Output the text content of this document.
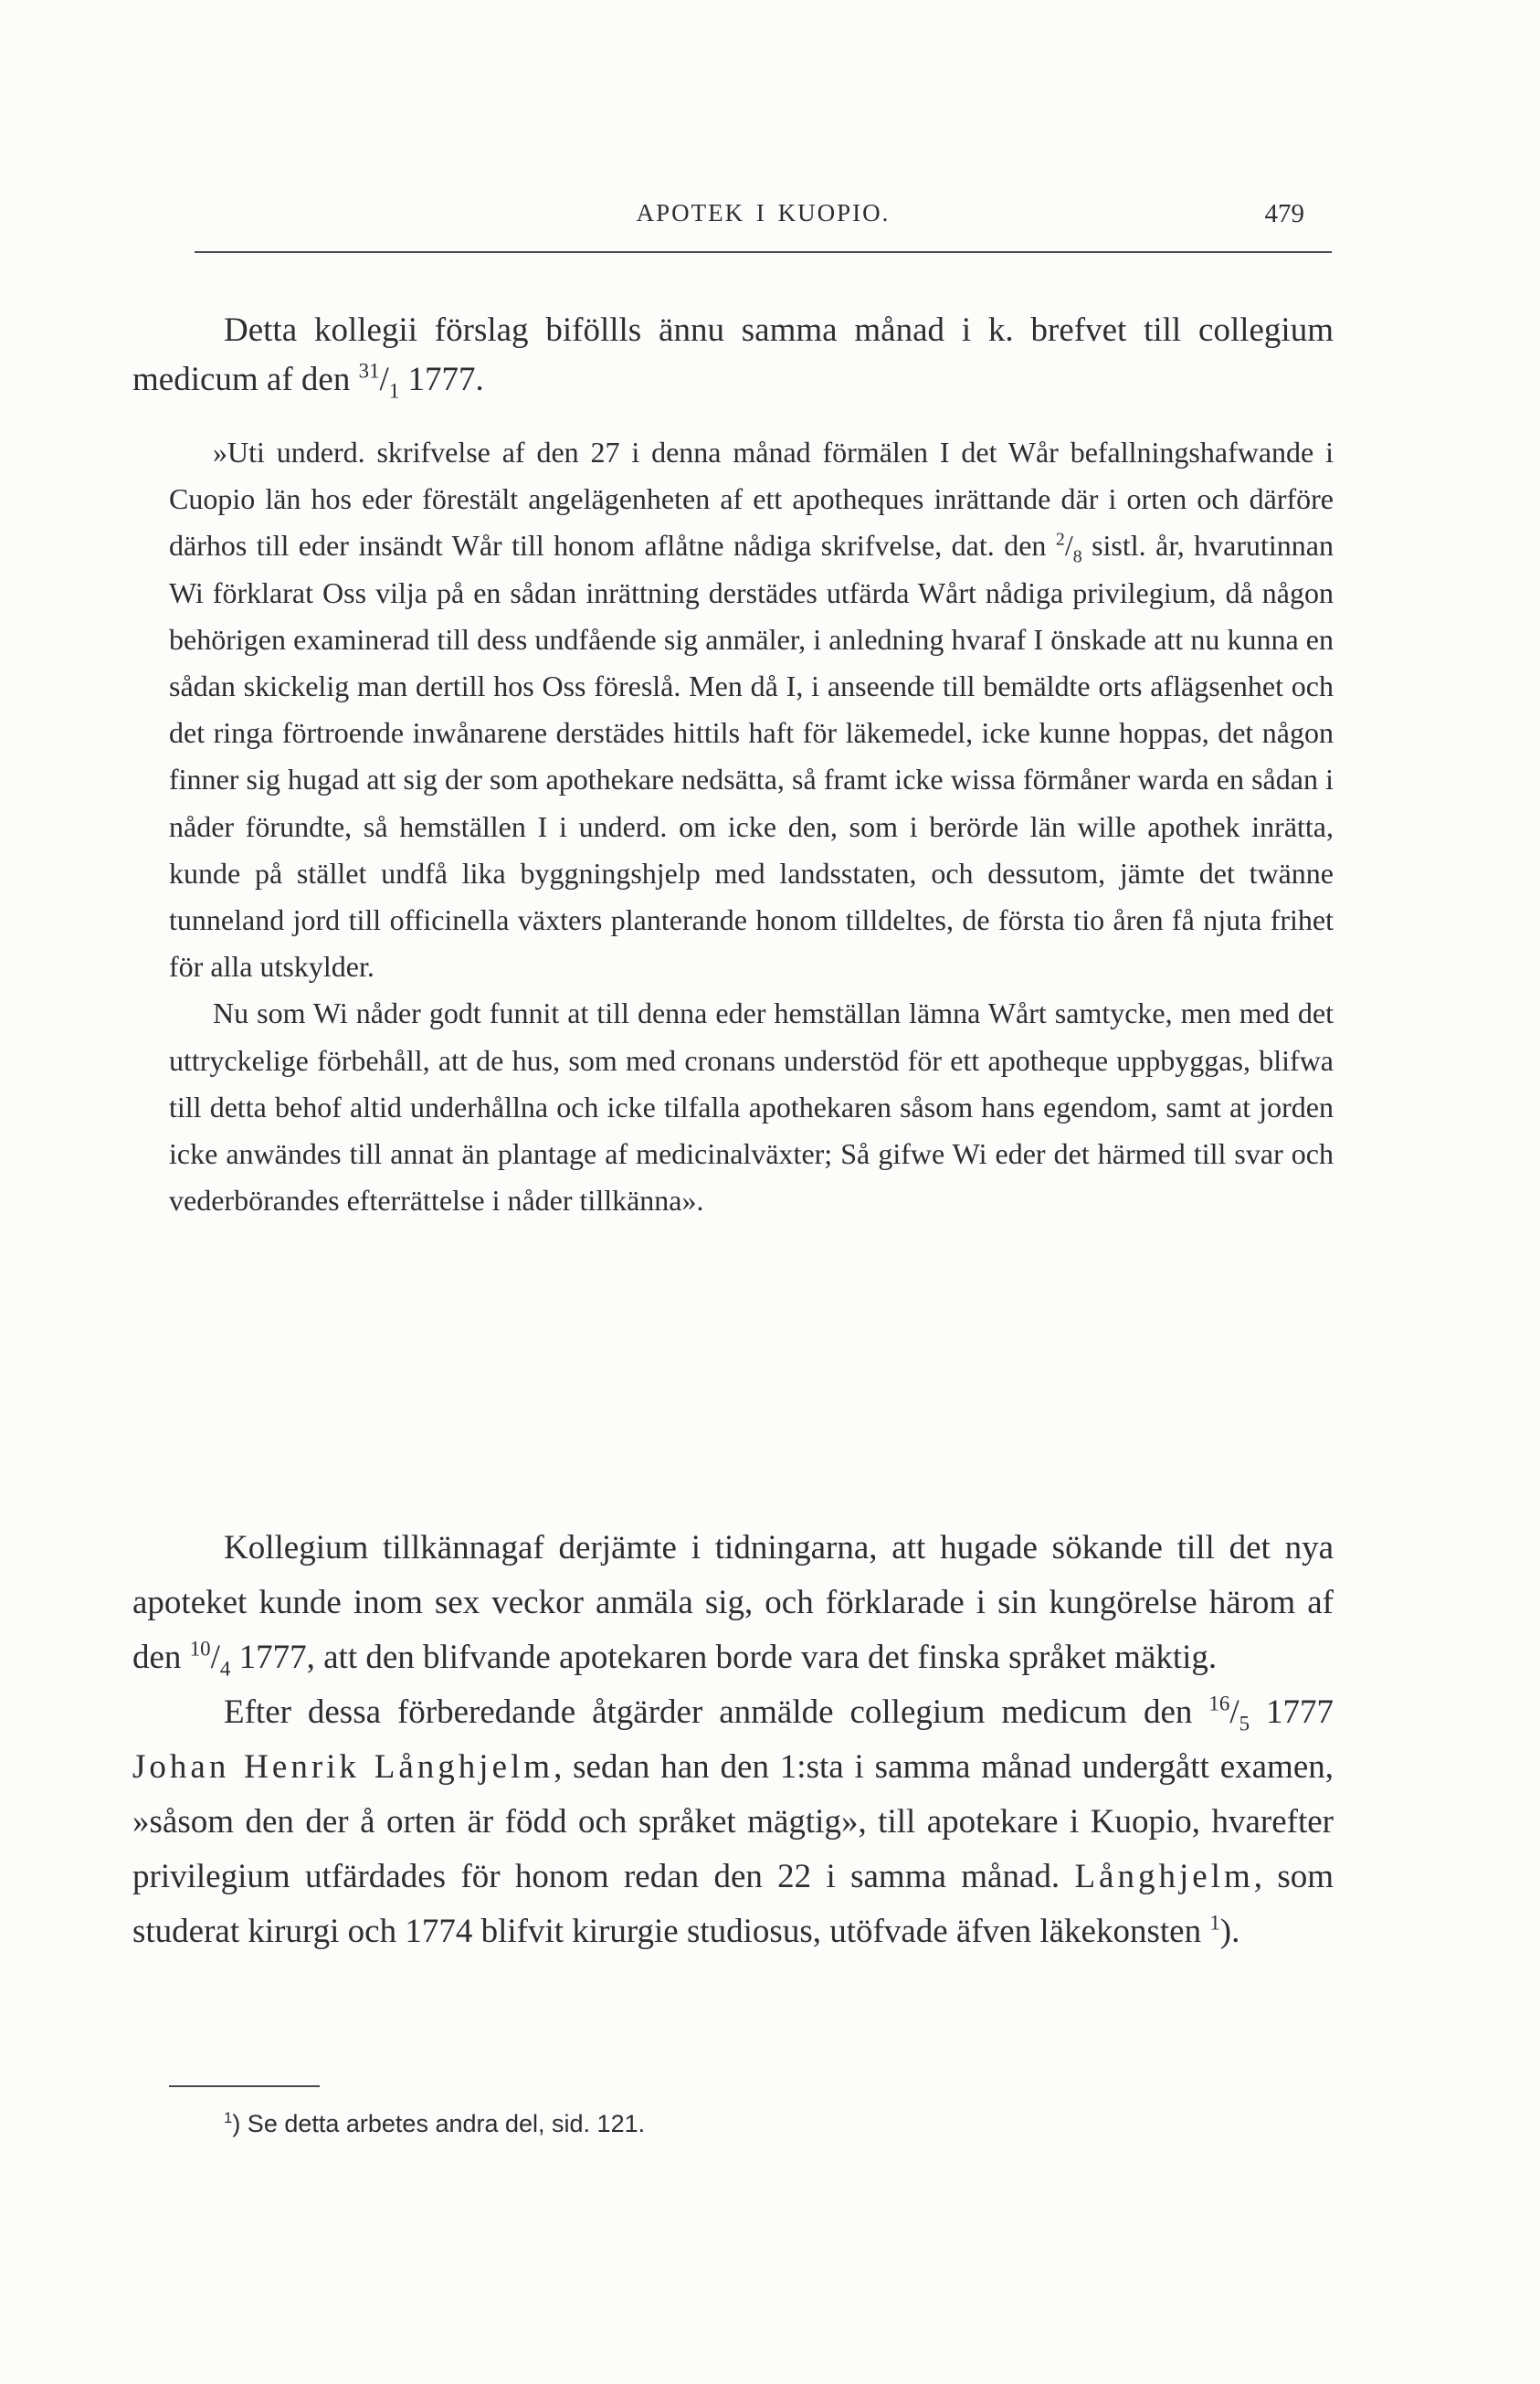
APOTEK I KUOPIO.	479

Detta kollegii förslag biföllls ännu samma månad i k. brefvet till collegium medicum af den $^{31}/_1$ 1777.

»Uti underd. skrifvelse af den 27 i denna månad förmälen I det Wår befallningshafwande i Cuopio län hos eder förestält angelägenheten af ett apotheques inrättande där i orten och därföre därhos till eder insändt Wår till honom aflåtne nådiga skrifvelse, dat. den $^2/_8$ sistl. år, hvarutinnan Wi förklarat Oss vilja på en sådan inrättning derstädes utfärda Wårt nådiga privilegium, då någon behörigen examinerad till dess undfående sig anmäler, i anledning hvaraf I önskade att nu kunna en sådan skickelig man dertill hos Oss föreslå. Men då I, i anseende till bemäldte orts aflägsenhet och det ringa förtroende inwånarene derstädes hittils haft för läkemedel, icke kunne hoppas, det någon finner sig hugad att sig der som apothekare nedsätta, så framt icke wissa förmåner warda en sådan i nåder förundte, så hemställen I i underd. om icke den, som i berörde län wille apothek inrätta, kunde på stället undfå lika byggningshjelp med landsstaten, och dessutom, jämte det twänne tunneland jord till officinella växters planterande honom tilldeltes, de första tio åren få njuta frihet för alla utskylder.

Nu som Wi nåder godt funnit at till denna eder hemställan lämna Wårt samtycke, men med det uttryckelige förbehåll, att de hus, som med cronans understöd för ett apotheque uppbyggas, blifwa till detta behof altid underhållna och icke tilfalla apothekaren såsom hans egendom, samt at jorden icke anwändes till annat än plantage af medicinalväxter; Så gifwe Wi eder det härmed till svar och vederbörandes efterrättelse i nåder tillkänna».

Kollegium tillkännagaf derjämte i tidningarna, att hugade sökande till det nya apoteket kunde inom sex veckor anmäla sig, och förklarade i sin kungörelse härom af den $^{10}/_4$ 1777, att den blifvande apotekaren borde vara det finska språket mäktig.

Efter dessa förberedande åtgärder anmälde collegium medicum den $^{16}/_5$ 1777 Johan Henrik Långhjelm, sedan han den 1:sta i samma månad undergått examen, »såsom den der å orten är född och språket mägtig», till apotekare i Kuopio, hvarefter privilegium utfärdades för honom redan den 22 i samma månad. Långhjelm, som studerat kirurgi och 1774 blifvit kirurgie studiosus, utöfvade äfven läkekonsten $^1$).

$^1$) Se detta arbetes andra del, sid. 121.
